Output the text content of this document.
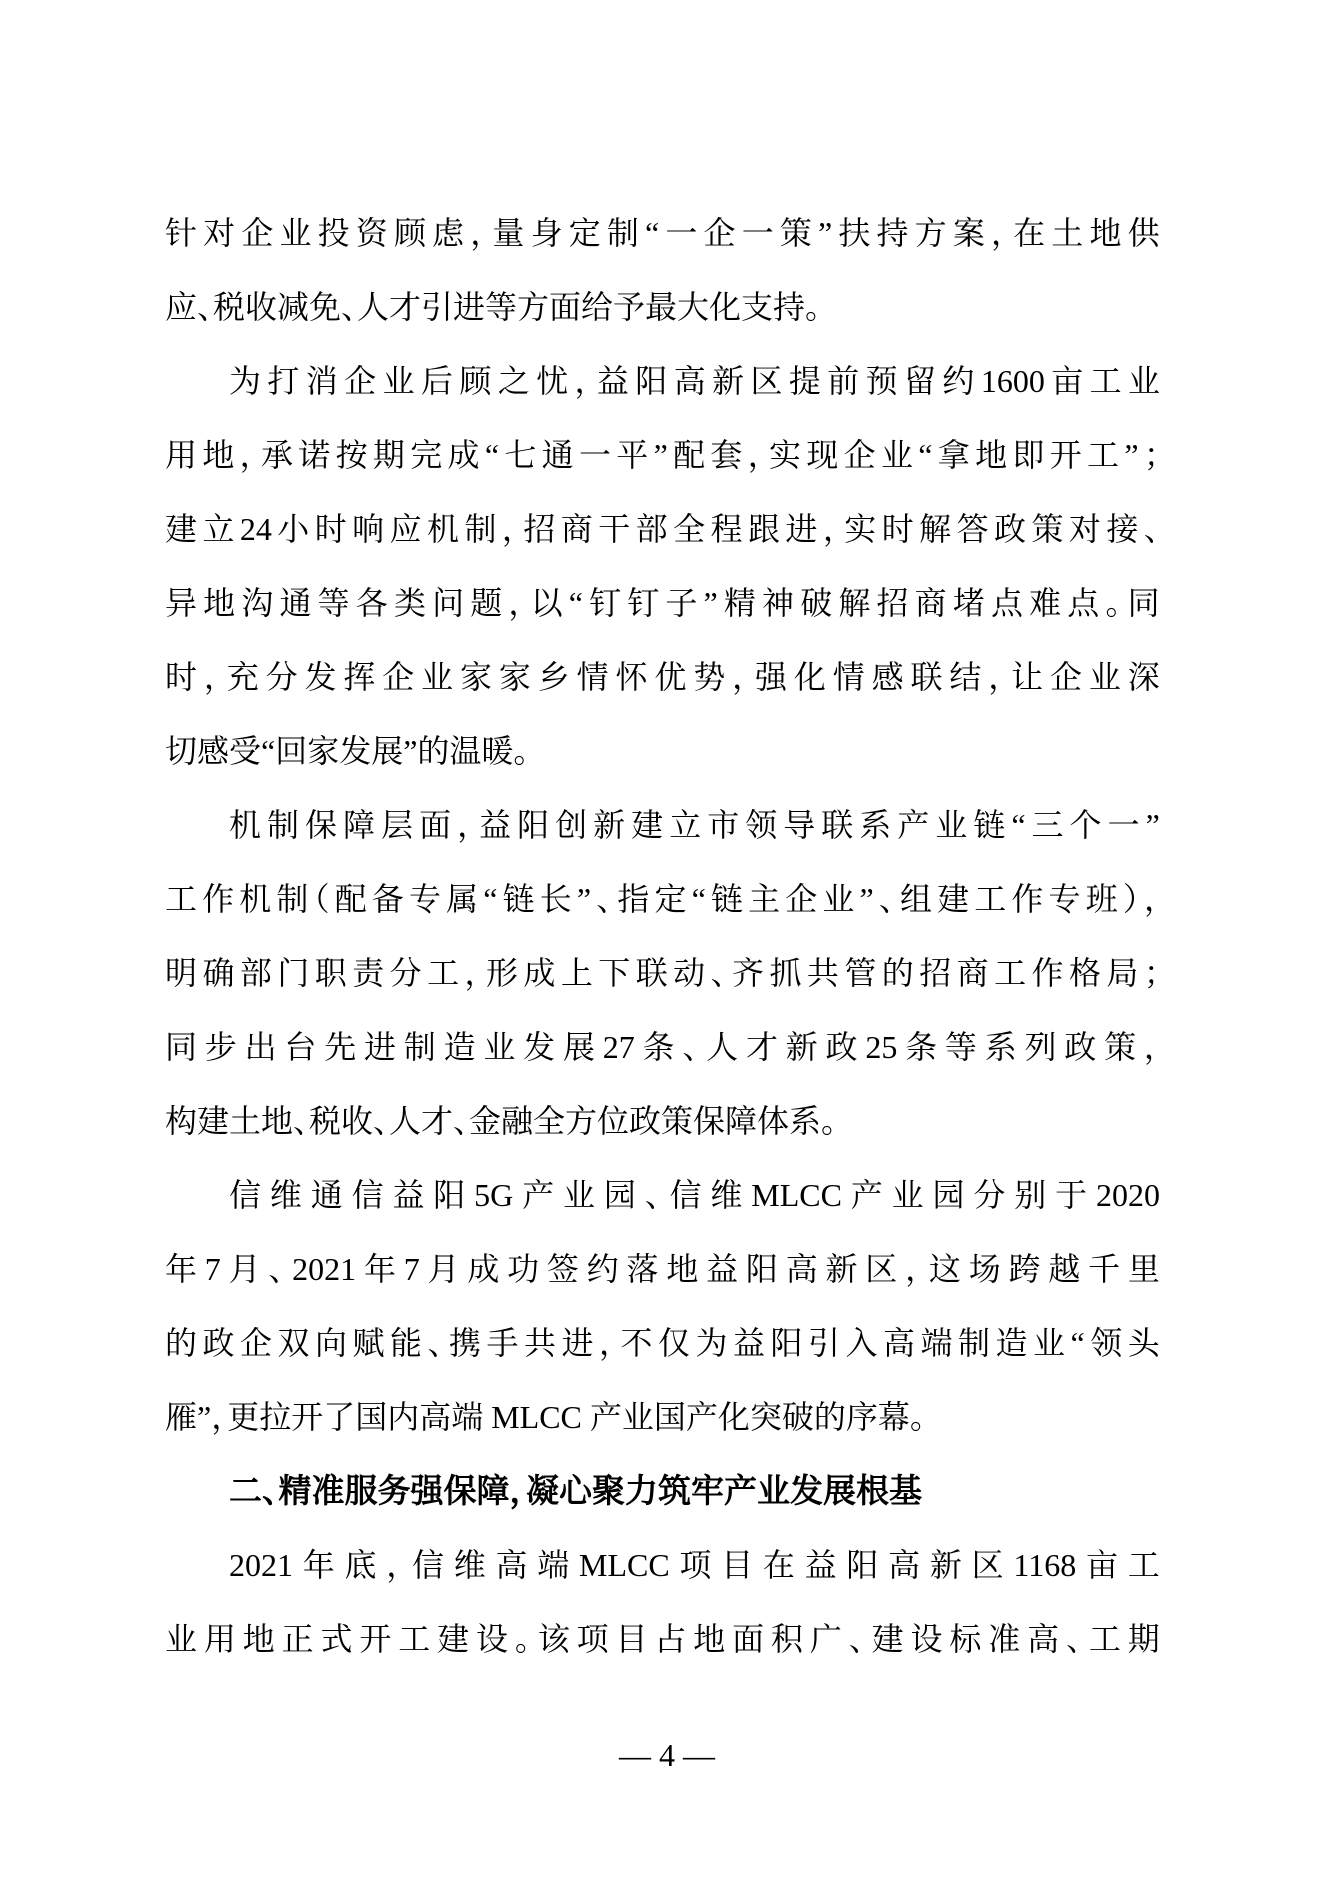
针 对 企 业 投 资 顾 虑 ， 量 身 定 制 “ 一 企 一 策 ” 扶 持 方 案 ， 在 土 地 供
应、税收减免、人才引进等方面给予最大化支持。
为 打 消 企 业 后 顾 之 忧 ， 益 阳 高 新 区 提 前 预 留 约 1600 亩 工 业
用 地 ， 承 诺 按 期 完 成 “ 七 通 一 平 ” 配 套 ， 实 现 企 业 “ 拿 地 即 开 工 ” ；
建 立 24 小 时 响 应 机 制 ， 招 商 干 部 全 程 跟 进 ， 实 时 解 答 政 策 对 接 、
异 地 沟 通 等 各 类 问 题 ， 以 “ 钉 钉 子 ” 精 神 破 解 招 商 堵 点 难 点 。 同
时 ， 充 分 发 挥 企 业 家 家 乡 情 怀 优 势 ， 强 化 情 感 联 结 ， 让 企 业 深
切感受“回家发展”的温暖。
机 制 保 障 层 面 ， 益 阳 创 新 建 立 市 领 导 联 系 产 业 链 “ 三 个 一 ”
工 作 机 制 （ 配 备 专 属 “ 链 长 ” 、 指 定 “ 链 主 企 业 ” 、 组 建 工 作 专 班 ） ，
明 确 部 门 职 责 分 工 ， 形 成 上 下 联 动 、 齐 抓 共 管 的 招 商 工 作 格 局 ；
同 步 出 台 先 进 制 造 业 发 展 27 条 、 人 才 新 政 25 条 等 系 列 政 策 ，
构建土地、税收、人才、金融全方位政策保障体系。
信 维 通 信 益 阳 5G 产 业 园 、 信 维 MLCC 产 业 园 分 别 于 2020
年 7 月 、 2021 年 7 月 成 功 签 约 落 地 益 阳 高 新 区 ， 这 场 跨 越 千 里
的 政 企 双 向 赋 能 、 携 手 共 进 ， 不 仅 为 益 阳 引 入 高 端 制 造 业 “ 领 头
雁”，更拉开了国内高端 MLCC 产业国产化突破的序幕。
二、精准服务强保障，凝心聚力筑牢产业发展根基
2021 年 底 ， 信 维 高 端 MLCC 项 目 在 益 阳 高 新 区 1168 亩 工
业 用 地 正 式 开 工 建 设 。 该 项 目 占 地 面 积 广 、 建 设 标 准 高 、 工 期
— 4 —
